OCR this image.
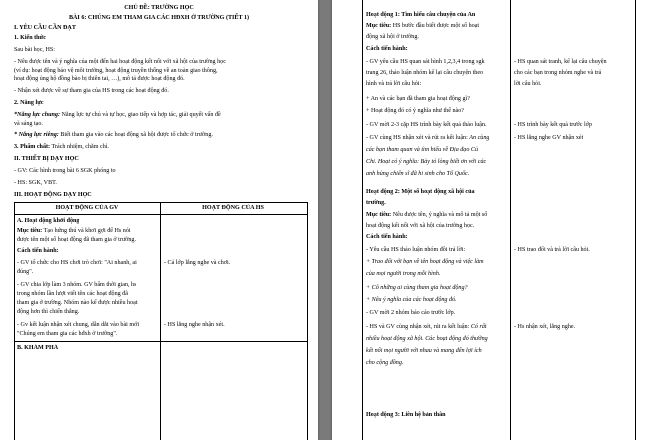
CHỦ ĐỀ: TRƯỜNG HỌC
BÀI 6: CHÚNG EM THAM GIA CÁC HĐXH Ở TRƯỜNG (TIẾT 1)
I. YÊU CẦU CẦN ĐẠT
1. Kiến thức
Sau bài học, HS:
- Nêu được tên và ý nghĩa của một đến hai hoạt động kết nối với xã hội của trường học
(ví dụ: hoạt động bảo vệ môi trường, hoạt động truyền thống về an toàn giao thông,
hoạt động ủng hộ đồng bào bị thiên tai, …), mô tả được hoạt động đó.
- Nhận xét được về sự tham gia của HS trong các hoạt động đó.
2. Năng lực
*Năng lực chung: Năng lực tự chủ và tự học, giao tiếp và hợp tác, giải quyết vấn đề
và sáng tạo.
* Năng lực riêng: Biết tham gia vào các hoạt động xã hội được tổ chức ở trường.
3. Phẩm chất: Trách nhiệm, chăm chỉ.
II. THIẾT BỊ DẠY HỌC
- GV: Các hình trong bài 6 SGK phóng to
- HS: SGK, VBT.
III. HOẠT ĐỘNG DẠY HỌC
HOẠT ĐỘNG CỦA GV	HOẠT ĐỘNG CỦA HS
A. Hoạt động khởi động
Mục tiêu: Tạo hứng thú và khơi gợi để Hs nói
được tên một số hoạt động đã tham gia ở trường.
Cách tiến hành:
- GV tổ chức cho HS chơi trò chơi: "Ai nhanh, ai
đúng".
- GV chia lớp làm 3 nhóm. GV bấm thời gian, hs
trong nhóm lần lượt viết tên các hoạt động đã
tham gia ở trường. Nhóm nào kể được nhiều hoạt
động hơn thì chiến thắng.
- Gv kết luận nhận xét chung, dẫn dắt vào bài mới
"Chúng em tham gia các hđxh ở trường".
B. KHÁM PHÁ
- Cả lớp lắng nghe và chơi.
- HS lắng nghe nhận xét.
Hoạt động 1: Tìm hiểu câu chuyện của An
Mục tiêu: HS bước đầu biết được một số hoạt
động xã hội ở trường.
Cách tiến hành:
- GV yêu cầu HS quan sát hình 1,2,3,4 trong sgk
trang 26, thảo luận nhóm kể lại câu chuyện theo
hình và trả lời câu hỏi:
+ An và các bạn đã tham gia hoạt động gì?
+ Hoạt động đó có ý nghĩa như thế nào?
- GV mời 2-3 cặp HS trình bày kết quả thảo luận.
- GV cùng HS nhận xét và rút ra kết luận: An cùng
các bạn tham quan và tìm hiểu về Địa đạo Củ
Chi. Hoạt có ý nghĩa: Bày tỏ lòng biết ơn với các
anh hùng chiến sĩ đã hi sinh cho Tổ Quốc.
Hoạt động 2: Một số hoạt động xã hội của
trường.
Mục tiêu: Nêu được tên, ý nghĩa và mô tả một số
hoạt động kết nối với xã hội của trường học.
Cách tiến hành:
- Yêu cầu HS thảo luận nhóm đôi trả lời:
+ Trao đổi với bạn về tên hoạt động và việc làm
của mọi người trong mỗi hình.
+ Cô những ai cùng tham gia hoạt động?
+ Nêu ý nghĩa của các hoạt động đó.
- GV mời 2 nhóm báo cáo trước lớp.
- HS và GV cùng nhận xét, rút ra kết luận: Có rất
nhiều hoạt động xã hội. Các hoạt động đó thường
kết nối mọi người với nhau và mang đến lợi ích
cho cộng đồng.
Hoạt động 3: Liên hệ bản thân
- HS quan sát tranh, kể lại câu chuyện
cho các bạn trong nhóm nghe và trả
lời câu hỏi.
- HS trình bày kết quả trước lớp
- HS lắng nghe GV nhận xét
- HS trao đổi và trả lời câu hỏi.
- Hs nhận xét, lắng nghe.
